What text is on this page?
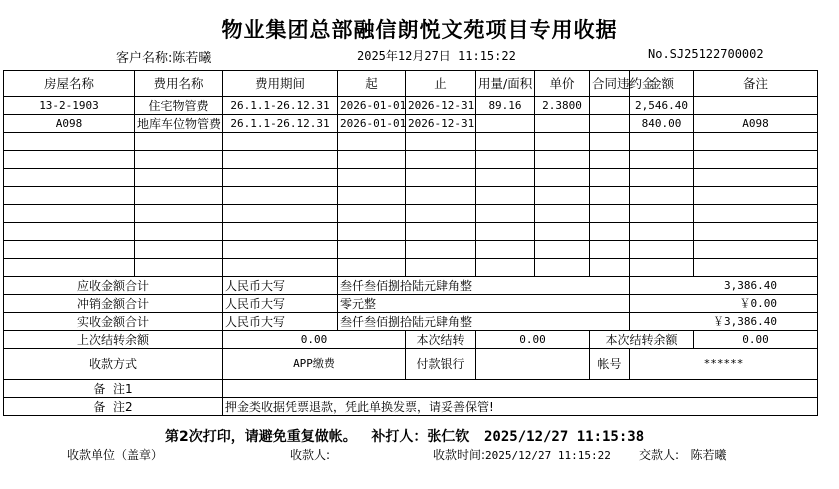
物业集团总部融信朗悦文苑项目专用收据
客户名称:陈若曦	2025年12月27日 11:15:22	No.SJ25122700002
房屋名称	费用名称	费用期间	起	止	用量/面积	单价	合同违约金	金额	备注
13-2-1903	住宅物管费	26.1.1-26.12.31	2026-01-01	2026-12-31	89.16	2.3800		2,546.40	
A098	地库车位物管费	26.1.1-26.12.31	2026-01-01	2026-12-31				840.00	A098

应收金额合计		人民币大写	叁仟叁佰捌拾陆元肆角整					3,386.40	
冲销金额合计		人民币大写	零元整					￥0.00	
实收金额合计		人民币大写	叁仟叁佰捌拾陆元肆角整					￥3,386.40	
上次结转余额		0.00		本次结转	0.00		本次结转余额		0.00
收款方式		APP缴费		付款银行			帐号	******	
备  注1									
备  注2		押金类收据凭票退款，凭此单换发票，请妥善保管!							
第2次打印，请避免重复做帐。 补打人：张仁钦 2025/12/27 11:15:38
收款单位（盖章）	收款人:	收款时间:2025/12/27 11:15:22 交款人: 陈若曦
